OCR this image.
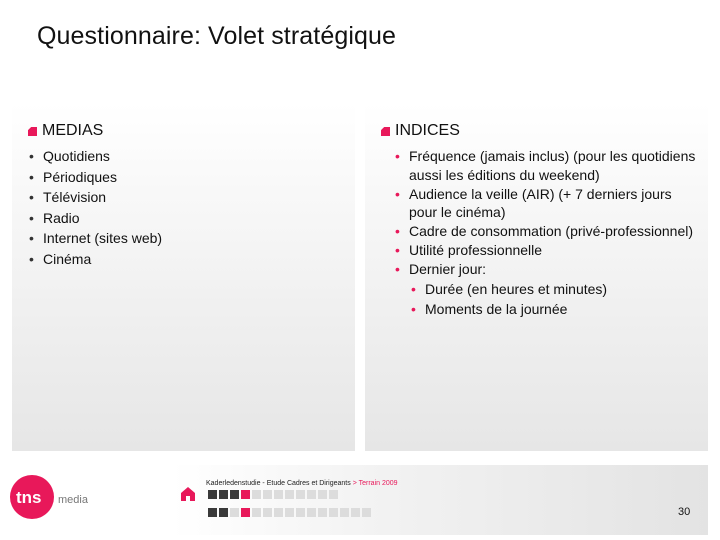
Questionnaire: Volet stratégique
MEDIAS
• Quotidiens
• Périodiques
• Télévision
• Radio
• Internet (sites web)
• Cinéma
INDICES
• Fréquence (jamais inclus) (pour les quotidiens aussi les éditions du weekend)
• Audience la veille (AIR) (+ 7 derniers jours pour le cinéma)
• Cadre de consommation (privé-professionnel)
• Utilité professionnelle
• Dernier jour:
• Durée (en heures et minutes)
• Moments de la journée
tns media
Kaderledenstudie - Etude Cadres et Dirigeants > Terrain 2009
30
